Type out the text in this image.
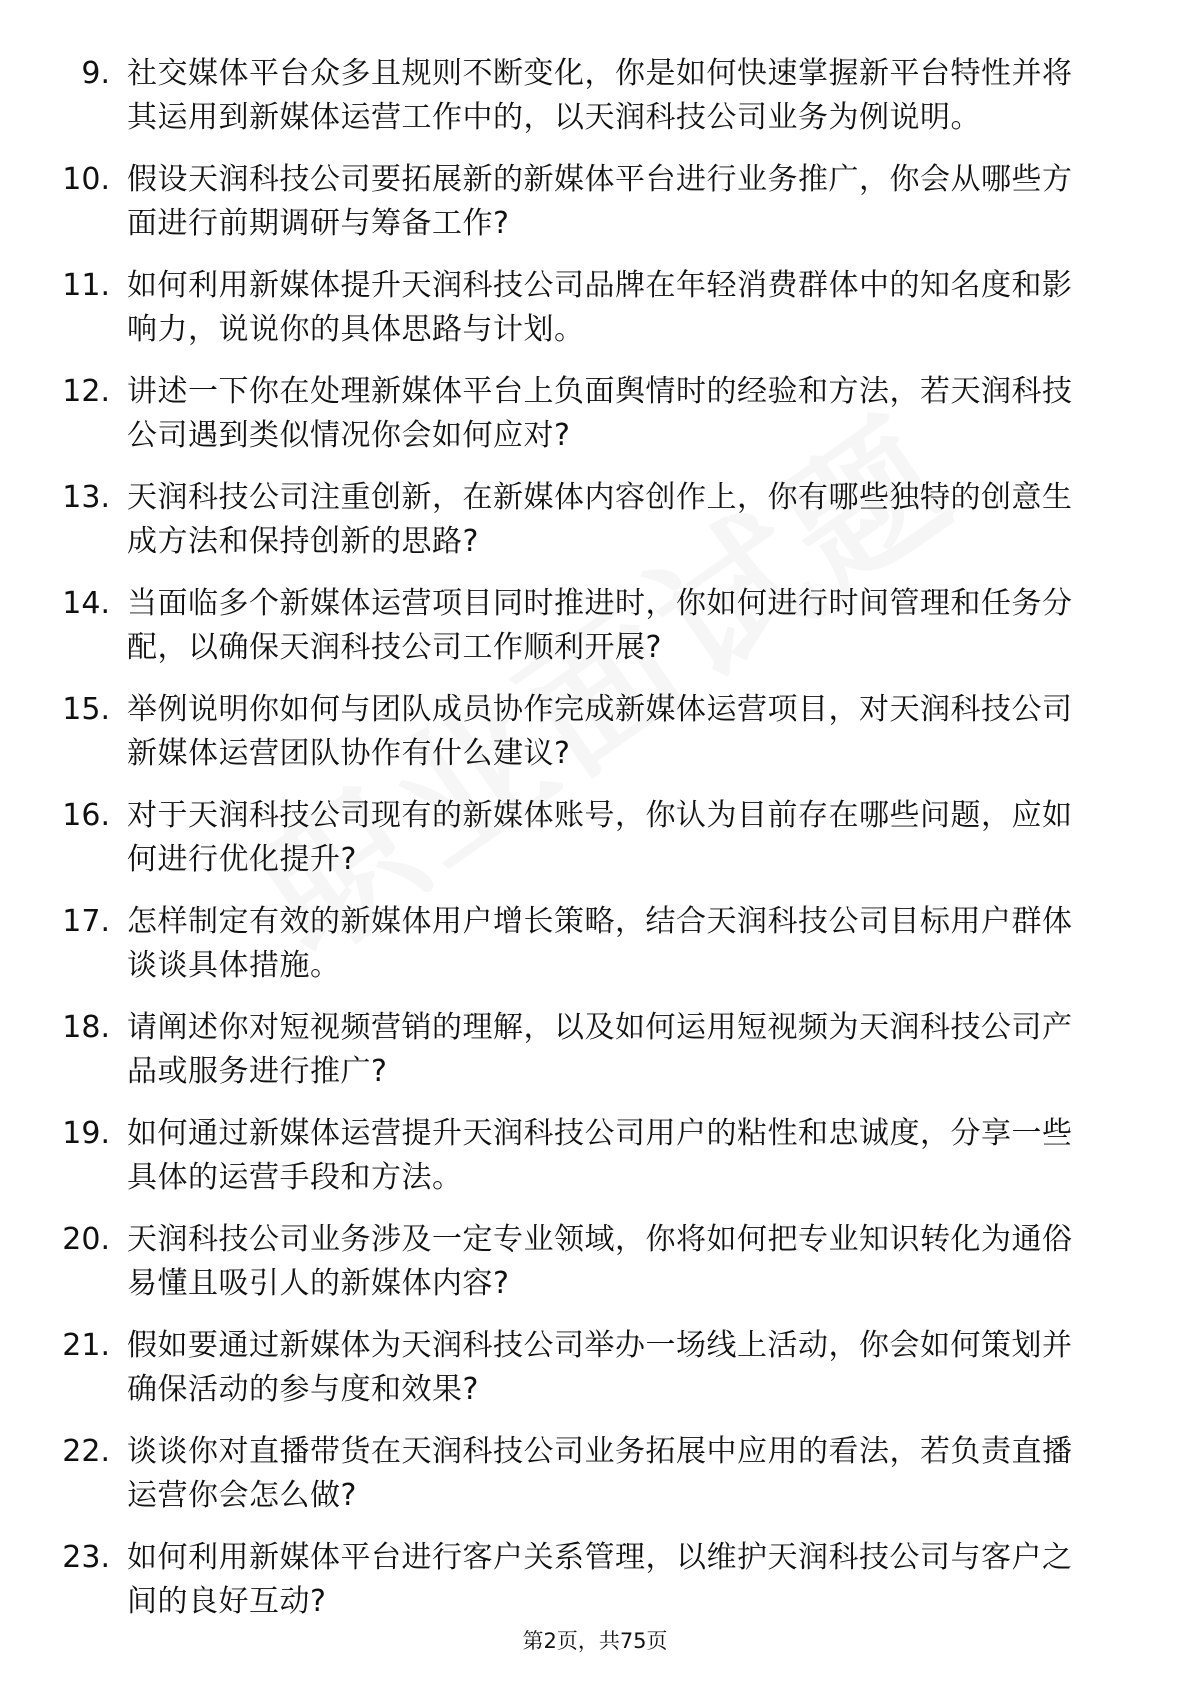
9. 社交媒体平台众多且规则不断变化，你是如何快速掌握新平台特性并将其运用到新媒体运营工作中的，以天润科技公司业务为例说明。

10. 假设天润科技公司要拓展新的新媒体平台进行业务推广，你会从哪些方面进行前期调研与筹备工作?

11. 如何利用新媒体提升天润科技公司品牌在年轻消费群体中的知名度和影响力，说说你的具体思路与计划。

12. 讲述一下你在处理新媒体平台上负面舆情时的经验和方法，若天润科技公司遇到类似情况你会如何应对?

13. 天润科技公司注重创新，在新媒体内容创作上，你有哪些独特的创意生成方法和保持创新的思路?

14. 当面临多个新媒体运营项目同时推进时，你如何进行时间管理和任务分配，以确保天润科技公司工作顺利开展?

15. 举例说明你如何与团队成员协作完成新媒体运营项目，对天润科技公司新媒体运营团队协作有什么建议?

16. 对于天润科技公司现有的新媒体账号，你认为目前存在哪些问题，应如何进行优化提升?

17. 怎样制定有效的新媒体用户增长策略，结合天润科技公司目标用户群体谈谈具体措施。

18. 请阐述你对短视频营销的理解，以及如何运用短视频为天润科技公司产品或服务进行推广?

19. 如何通过新媒体运营提升天润科技公司用户的粘性和忠诚度，分享一些具体的运营手段和方法。

20. 天润科技公司业务涉及一定专业领域，你将如何把专业知识转化为通俗易懂且吸引人的新媒体内容?

21. 假如要通过新媒体为天润科技公司举办一场线上活动，你会如何策划并确保活动的参与度和效果?

22. 谈谈你对直播带货在天润科技公司业务拓展中应用的看法，若负责直播运营你会怎么做?

23. 如何利用新媒体平台进行客户关系管理，以维护天润科技公司与客户之间的良好互动?

第2页，共75页
